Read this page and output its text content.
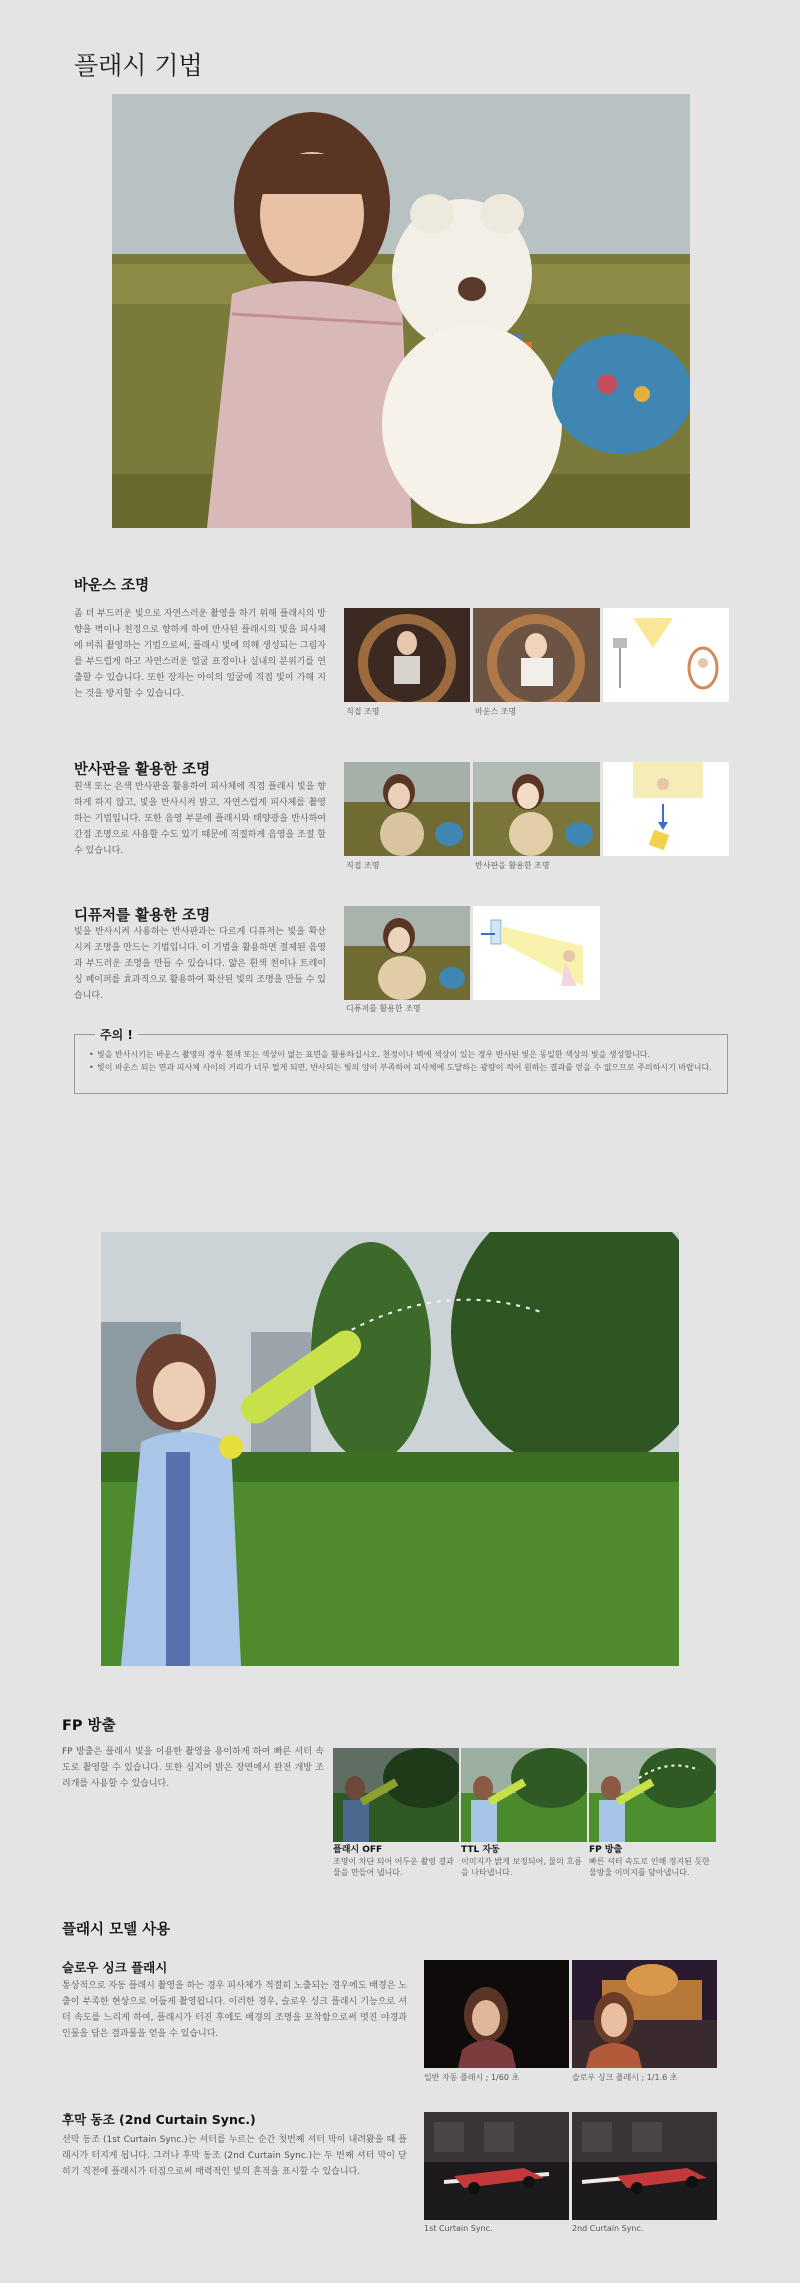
플래시 기법
바운스 조명

좀 더 부드러운 빛으로 자연스러운 촬영을 하기 위해 플래시의 방향을 벽이나 천정으로 향하게 하여 반사된 플래시의 빛을 피사체에 비춰 촬영하는 기법으로써, 플래시 빛에 의해 생성되는 그림자를 부드럽게 하고 자연스러운 얼굴 표정이나 실내의 분위기를 연출할 수 있습니다. 또한 장자는 아이의 얼굴에 직접 빛이 가해 지는 것을 방지할 수 있습니다.

직접 조명	바운스 조명
반사판을 활용한 조명

흰색 또는 은색 반사판을 활용하여 피사체에 직접 플래시 빛을 향하게 하지 않고, 빛을 반사시켜 밝고, 자연스럽게 피사체를 촬영하는 기법입니다. 또한 음영 부분에 플래시와 태양광을 반사하여 간접 조명으로 사용할 수도 있기 때문에 적절하게 음영을 조절 할 수 있습니다.

직접 조명	반사판을 활용한 조명
디퓨저를 활용한 조명

빛을 반사시켜 사용하는 반사판과는 다르게 디퓨저는 빛을 확산시켜 조명을 만드는 기법입니다. 이 기법을 활용하면 절제된 음영과 부드러운 조명을 만들 수 있습니다. 얇은 흰색 천이나 트레이싱 페이퍼를 효과적으로 활용하여 확산된 빛의 조명을 만들 수 있습니다.

디퓨저를 활용한 조명
주의 !
• 빛을 반사시키는 바운스 촬영의 경우 흰색 또는 색상이 없는 표면을 활용하십시오. 천정이나 벽에 색상이 있는 경우 반사된 빛은 동일한 색상의 빛을 생성합니다.
• 빛이 바운스 되는 면과 피사체 사이의 거리가 너무 멀게 되면, 반사되는 빛의 양이 부족하여 피사체에 도달하는 광량이 적어 원하는 결과를 얻을 수 없으므로 주의하시기 바랍니다.
FP 방출

FP 방출은 플래시 빛을 이용한 촬영을 용이하게 하여 빠른 셔터 속도로 촬영할 수 있습니다. 또한 심지어 밝은 장면에서 완전 개방 조리개를 사용할 수 있습니다.

플래시 OFF
조명이 차단 되어 어두운 촬영 결과물을 만들어 냅니다.
TTL 자동
이미지가 밝게 보정되어, 물의 흐름을 나타냅니다.
FP 방출
빠른 셔터 속도로 인해 정지된 듯한 물방울 이미지를 담아냅니다.
플래시 모델 사용
슬로우 싱크 플래시

통상적으로 자동 플래시 촬영을 하는 경우 피사체가 적절히 노출되는 경우에도 배경은 노출이 부족한 현상으로 어둡게 촬영됩니다. 이러한 경우, 슬로우 싱크 플래시 기능으로 셔터 속도를 느리게 하여, 플래시가 터진 후에도 배경의 조명을 포착함으로써 멋진 야경과 인물을 담은 결과물을 얻을 수 있습니다.

일반 자동 플래시 ; 1/60 초	슬로우 싱크 플래시 ; 1/1.6 초
후막 동조 (2nd Curtain Sync.)

선막 동조 (1st Curtain Sync.)는 셔터를 누르는 순간 첫번째 셔터 막이 내려왔을 때 플래시가 터지게 됩니다. 그러나 후막 동조 (2nd Curtain Sync.)는 두 번째 셔터 막이 닫히기 직전에 플래시가 터짐으로써 매력적인 빛의 흔적을 표시할 수 있습니다.

1st Curtain Sync.	2nd Curtain Sync.
